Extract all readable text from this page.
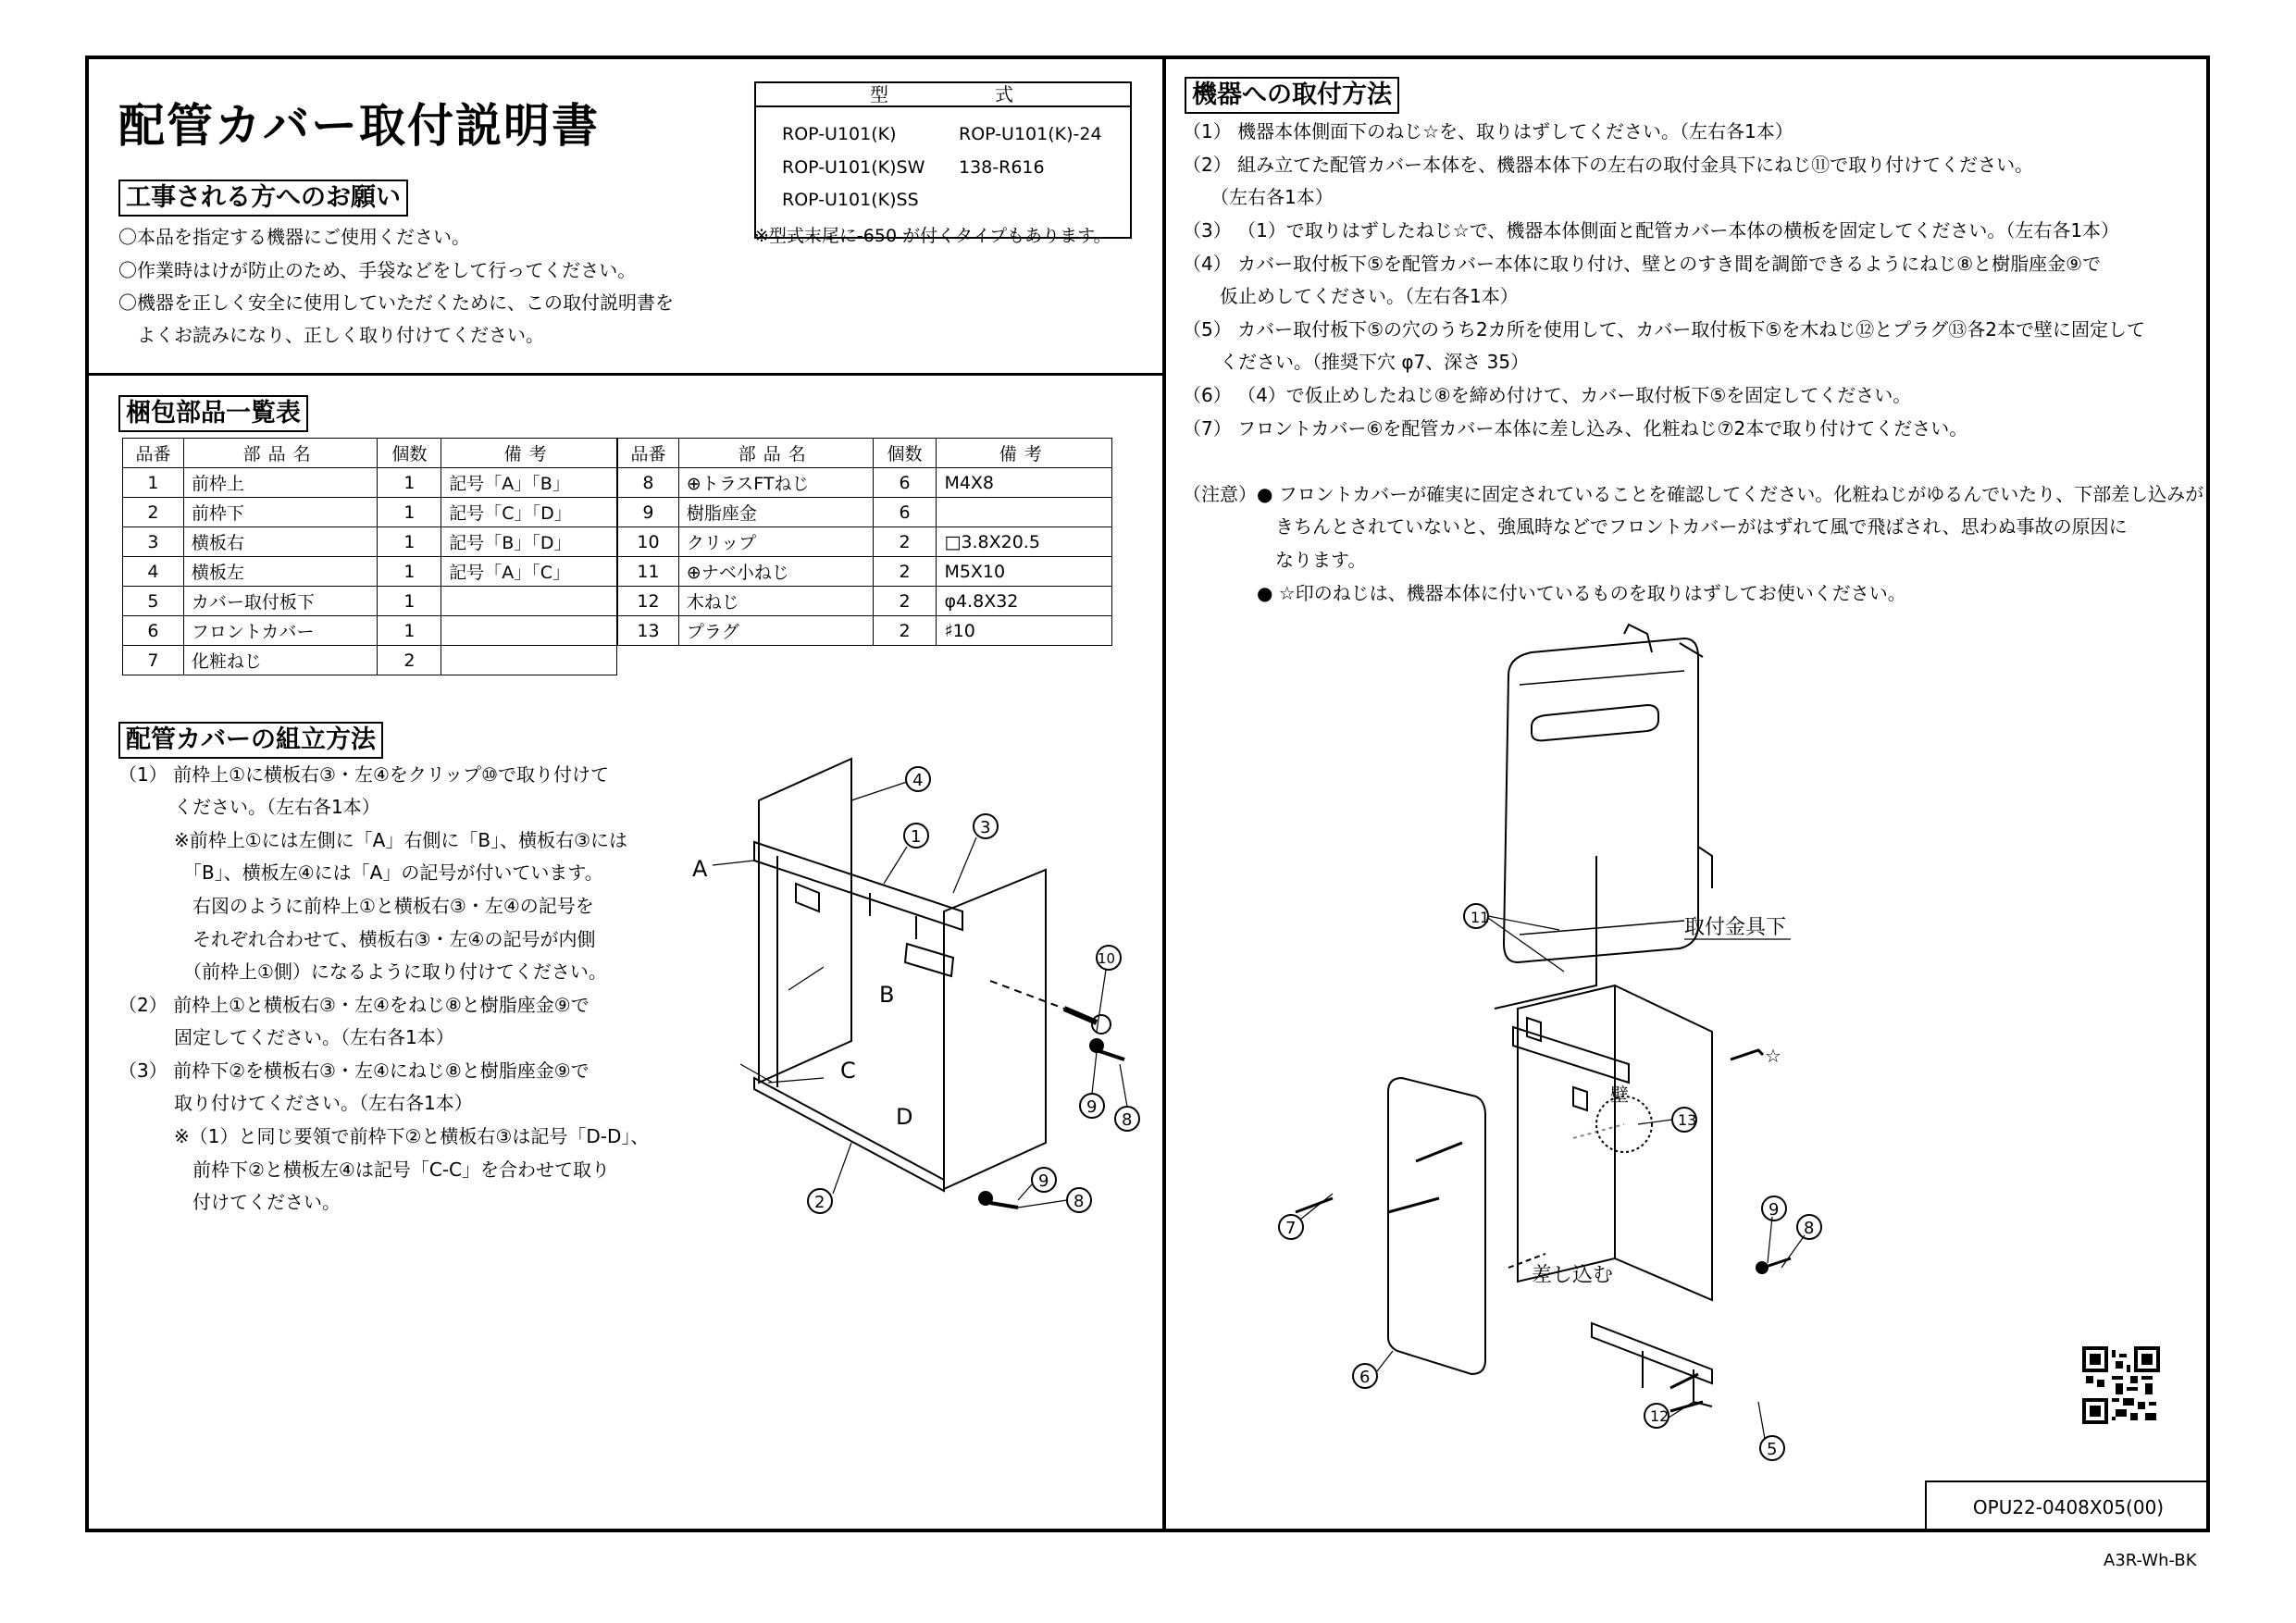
配管カバー取付説明書
型	式
ROP-U101(K)	ROP-U101(K)-24
ROP-U101(K)SW 138-R616
ROP-U101(K)SS
※型式末尾に-650 が付くタイプもあります。
工事される方へのお願い
〇本品を指定する機器にご使用ください。
〇作業時はけが防止のため、手袋などをして行ってください。
〇機器を正しく安全に使用していただくために、この取付説明書を
　よくお読みになり、正しく取り付けてください。
梱包部品一覧表
品番	部品名	個数	備考
1	前枠上	1	記号「A」「B」
2	前枠下	1	記号「C」「D」
3	横板右	1	記号「B」「D」
4	横板左	1	記号「A」「C」
5	カバー取付板下	1	
6	フロントカバー	1	
7	化粧ねじ	2	
品番	部品名	個数	備考
8	⊕トラスFTねじ	6	M4X8
9	樹脂座金	6	
10	クリップ	2	□3.8X20.5
11	⊕ナベ小ねじ	2	M5X10
12	木ねじ	2	φ4.8X32
13	プラグ	2	♯10
配管カバーの組立方法
（1） 前枠上①に横板右③・左④をクリップ⑩で取り付けて
　　　ください。（左右各1本）
　　　※前枠上①には左側に「A」右側に「B」、横板右③には
　　　　「B」、横板左④には「A」の記号が付いています。
　　　　右図のように前枠上①と横板右③・左④の記号を
　　　　それぞれ合わせて、横板右③・左④の記号が内側
　　　　（前枠上①側）になるように取り付けてください。
（2） 前枠上①と横板右③・左④をねじ⑧と樹脂座金⑨で
　　　固定してください。（左右各1本）
（3） 前枠下②を横板右③・左④にねじ⑧と樹脂座金⑨で
　　　取り付けてください。（左右各1本）
　　　※（1）と同じ要領で前枠下②と横板右③は記号「D-D」、
　　　　前枠下②と横板左④は記号「C-C」を合わせて取り
　　　　付けてください。
4
3
1
10
9
8
2
9
8
A
B
C
D
機器への取付方法
（1） 機器本体側面下のねじ☆を、取りはずしてください。（左右各1本）
（2） 組み立てた配管カバー本体を、機器本体下の左右の取付金具下にねじ⑪で取り付けてください。
　　（左右各1本）
（3） （1）で取りはずしたねじ☆で、機器本体側面と配管カバー本体の横板を固定してください。（左右各1本）
（4） カバー取付板下⑤を配管カバー本体に取り付け、壁とのすき間を調節できるようにねじ⑧と樹脂座金⑨で
　　仮止めしてください。（左右各1本）
（5） カバー取付板下⑤の穴のうち2カ所を使用して、カバー取付板下⑤を木ねじ⑫とプラグ⑬各2本で壁に固定して
　　ください。（推奨下穴 φ7、深さ 35）
（6） （4）で仮止めしたねじ⑧を締め付けて、カバー取付板下⑤を固定してください。
（7） フロントカバー⑥を配管カバー本体に差し込み、化粧ねじ⑦2本で取り付けてください。
（注意）● フロントカバーが確実に固定されていることを確認してください。化粧ねじがゆるんでいたり、下部差し込みが
　　　　　きちんとされていないと、強風時などでフロントカバーがはずれて風で飛ばされ、思わぬ事故の原因に
　　　　　なります。
　　　　● ☆印のねじは、機器本体に付いているものを取りはずしてお使いください。
11	取付金具下
☆
壁
13
9
8
7
差し込む
6
12
5
OPU22-0408X05(00)
A3R-Wh-BK
